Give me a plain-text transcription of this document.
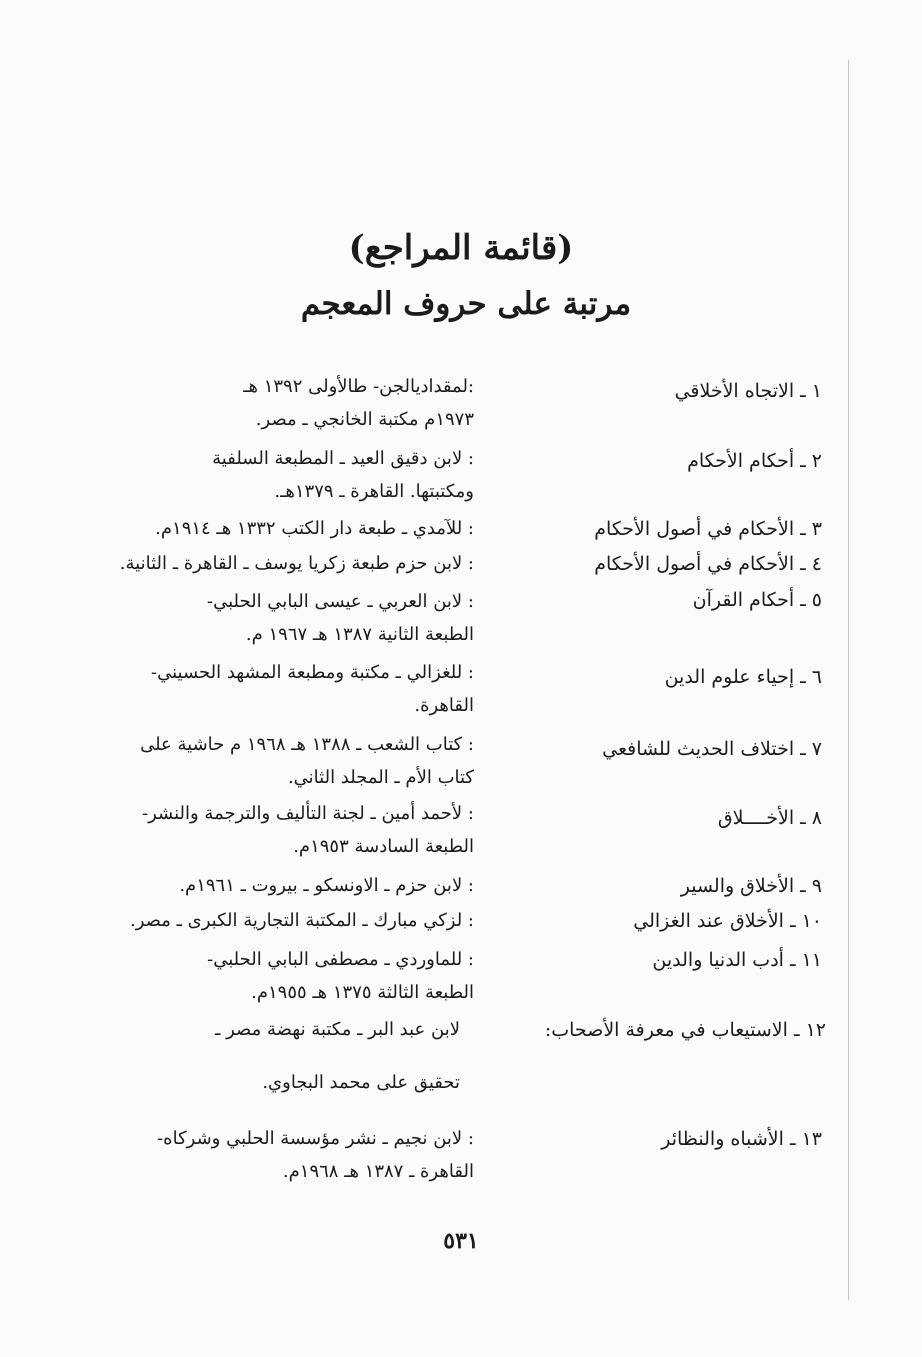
(قائمة المراجع)
مرتبة على حروف المعجم
١ ـ الاتجاه الأخلاقي
:لمقداديالجن- طالأولى ١٣٩٢ هـ
١٩٧٣م مكتبة الخانجي ـ مصر.
٢ ـ أحكام الأحكام
: لابن دقيق العيد ـ المطبعة السلفية
ومكتبتها. القاهرة ـ ١٣٧٩هـ.
٣ ـ الأحكام في أصول الأحكام
: للآمدي ـ طبعة دار الكتب ١٣٣٢ هـ ١٩١٤م.
٤ ـ الأحكام في أصول الأحكام
: لابن حزم طبعة زكريا يوسف ـ القاهرة ـ الثانية.
٥ ـ أحكام القرآن
: لابن العربي ـ عيسى البابي الحلبي-
الطبعة الثانية ١٣٨٧ هـ ١٩٦٧ م.
٦ ـ إحياء علوم الدين
: للغزالي ـ مكتبة ومطبعة المشهد الحسيني-
القاهرة.
٧ ـ اختلاف الحديث للشافعي
: كتاب الشعب ـ ١٣٨٨ هـ ١٩٦٨ م حاشية على
كتاب الأم ـ المجلد الثاني.
٨ ـ الأخــــلاق
: لأحمد أمين ـ لجنة التأليف والترجمة والنشر-
الطبعة السادسة ١٩٥٣م.
٩ ـ الأخلاق والسير
: لابن حزم ـ الاونسكو ـ بيروت ـ ١٩٦١م.
١٠ ـ الأخلاق عند الغزالي
: لزكي مبارك ـ المكتبة التجارية الكبرى ـ مصر.
١١ ـ أدب الدنيا والدين
: للماوردي ـ مصطفى البابي الحلبي-
الطبعة الثالثة ١٣٧٥ هـ ١٩٥٥م.
١٢ ـ الاستيعاب في معرفة الأصحاب:
لابن عبد البر ـ مكتبة نهضة مصر ـ
تحقيق على محمد البجاوي.
١٣ ـ الأشباه والنظائر
: لابن نجيم ـ نشر مؤسسة الحلبي وشركاه-
القاهرة ـ ١٣٨٧ هـ ١٩٦٨م.
٥٣١
